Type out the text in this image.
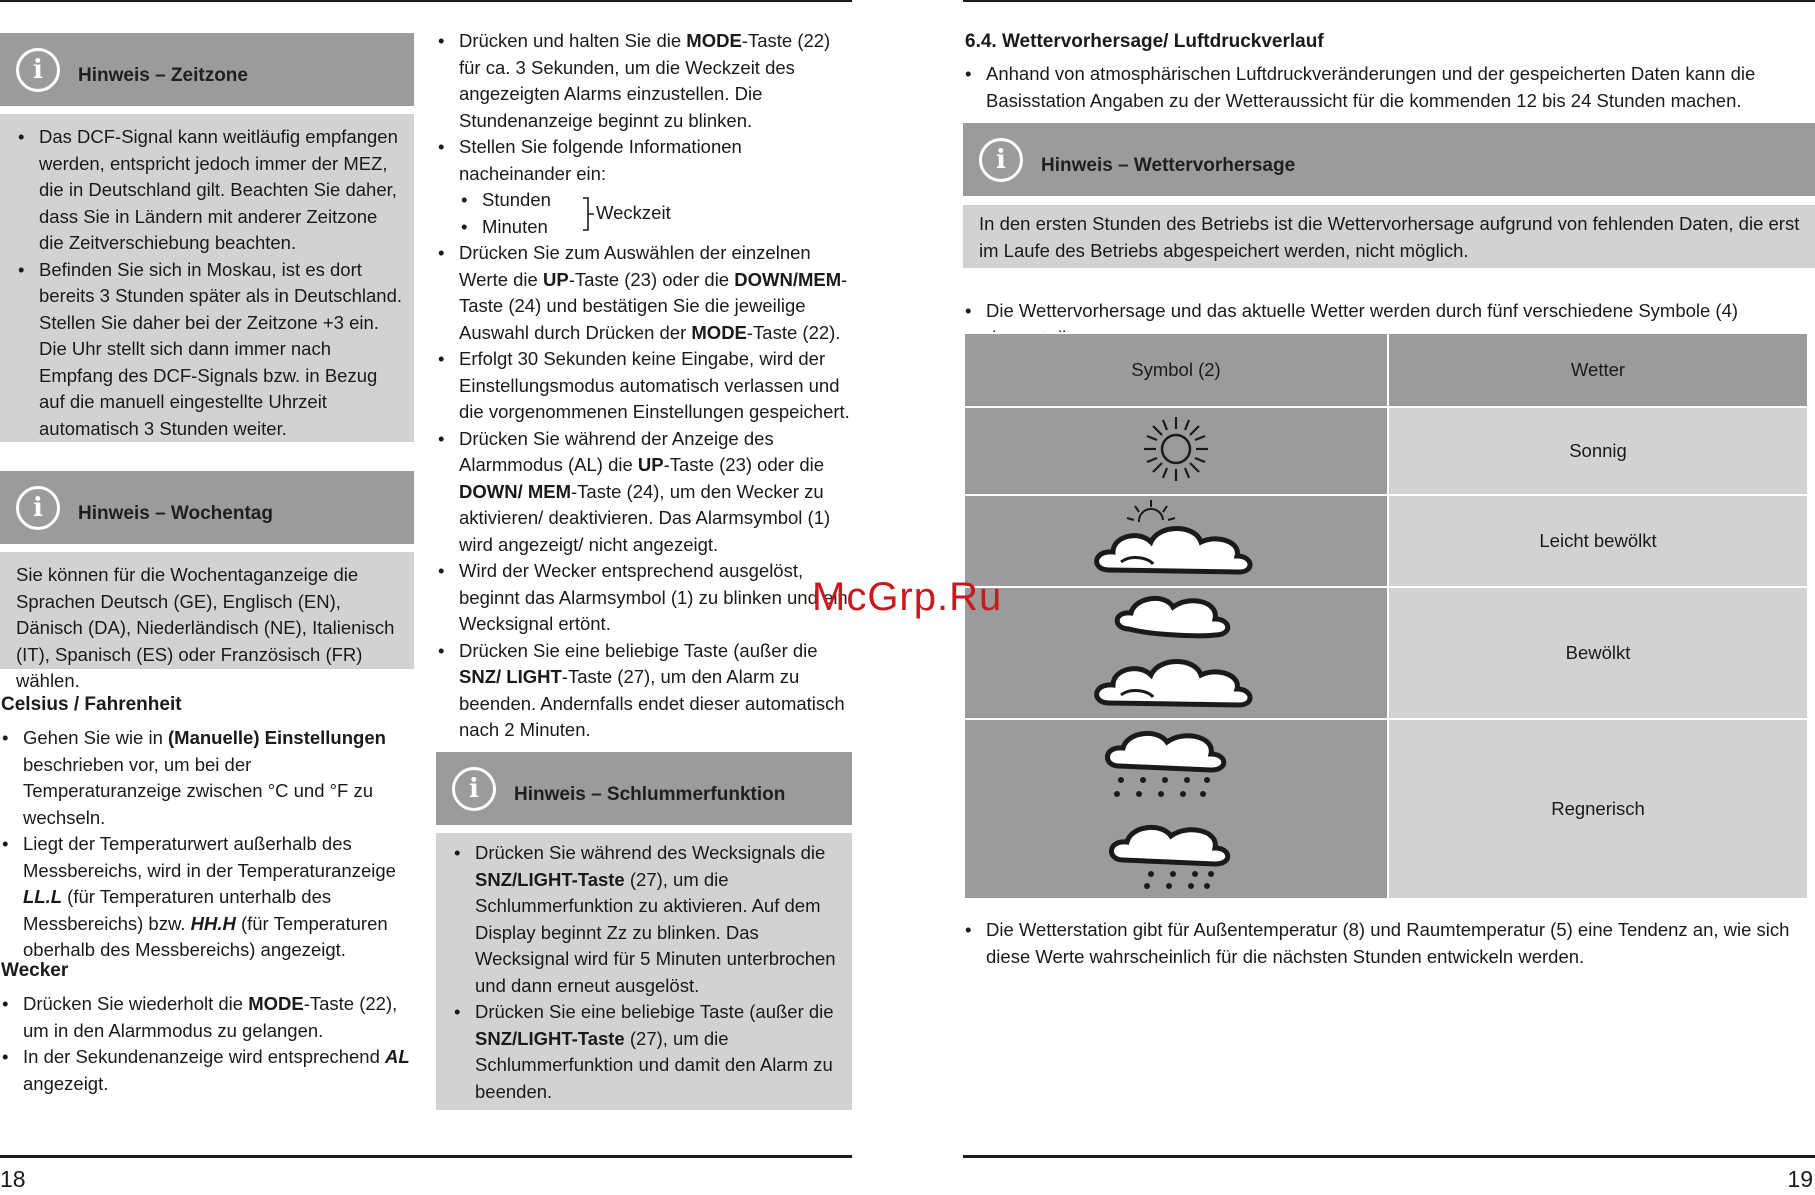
i Hinweis – Zeitzone
• Das DCF-Signal kann weitläufig empfangen werden, entspricht jedoch immer der MEZ, die in Deutschland gilt. Beachten Sie daher, dass Sie in Ländern mit anderer Zeitzone die Zeitverschiebung beachten.
• Befinden Sie sich in Moskau, ist es dort bereits 3 Stunden später als in Deutschland. Stellen Sie daher bei der Zeitzone +3 ein. Die Uhr stellt sich dann immer nach Empfang des DCF-Signals bzw. in Bezug auf die manuell eingestellte Uhrzeit automatisch 3 Stunden weiter.
i Hinweis – Wochentag
Sie können für die Wochentaganzeige die Sprachen Deutsch (GE), Englisch (EN), Dänisch (DA), Niederländisch (NE), Italienisch (IT), Spanisch (ES) oder Französisch (FR) wählen.
Celsius / Fahrenheit
• Gehen Sie wie in (Manuelle) Einstellungen beschrieben vor, um bei der Temperaturanzeige zwischen °C und °F zu wechseln.
• Liegt der Temperaturwert außerhalb des Messbereichs, wird in der Temperaturanzeige LL.L (für Temperaturen unterhalb des Messbereichs) bzw. HH.H (für Temperaturen oberhalb des Messbereichs) angezeigt.
Wecker
• Drücken Sie wiederholt die MODE-Taste (22), um in den Alarmmodus zu gelangen.
• In der Sekundenanzeige wird entsprechend AL angezeigt.
• Drücken und halten Sie die MODE-Taste (22) für ca. 3 Sekunden, um die Weckzeit des angezeigten Alarms einzustellen. Die Stundenanzeige beginnt zu blinken.
• Stellen Sie folgende Informationen nacheinander ein:
• Stunden
• Minuten
Weckzeit
• Drücken Sie zum Auswählen der einzelnen Werte die UP-Taste (23) oder die DOWN/MEM-Taste (24) und bestätigen Sie die jeweilige Auswahl durch Drücken der MODE-Taste (22).
• Erfolgt 30 Sekunden keine Eingabe, wird der Einstellungsmodus automatisch verlassen und die vorgenommenen Einstellungen gespeichert.
• Drücken Sie während der Anzeige des Alarmmodus (AL) die UP-Taste (23) oder die DOWN/ MEM-Taste (24), um den Wecker zu aktivieren/ deaktivieren. Das Alarmsymbol (1) wird angezeigt/ nicht angezeigt.
• Wird der Wecker entsprechend ausgelöst, beginnt das Alarmsymbol (1) zu blinken und ein Wecksignal ertönt.
• Drücken Sie eine beliebige Taste (außer die SNZ/ LIGHT-Taste (27), um den Alarm zu beenden. Andernfalls endet dieser automatisch nach 2 Minuten.
i Hinweis – Schlummerfunktion
• Drücken Sie während des Wecksignals die SNZ/LIGHT-Taste (27), um die Schlummerfunktion zu aktivieren. Auf dem Display beginnt Zz zu blinken. Das Wecksignal wird für 5 Minuten unterbrochen und dann erneut ausgelöst.
• Drücken Sie eine beliebige Taste (außer die SNZ/LIGHT-Taste (27), um die Schlummerfunktion und damit den Alarm zu beenden.
6.4. Wettervorhersage/ Luftdruckverlauf
• Anhand von atmosphärischen Luftdruckveränderungen und der gespeicherten Daten kann die Basisstation Angaben zu der Wetteraussicht für die kommenden 12 bis 24 Stunden machen.
i Hinweis – Wettervorhersage
In den ersten Stunden des Betriebs ist die Wettervorhersage aufgrund von fehlenden Daten, die erst im Laufe des Betriebs abgespeichert werden, nicht möglich.
• Die Wettervorhersage und das aktuelle Wetter werden durch fünf verschiedene Symbole (4)
Symbol (2)	Wetter
	Sonnig
	Leicht bewölkt
	Bewölkt
	Regnerisch
• Die Wetterstation gibt für Außentemperatur (8) und Raumtemperatur (5) eine Tendenz an, wie sich diese Werte wahrscheinlich für die nächsten Stunden entwickeln werden.
McGrp.Ru
18	19
